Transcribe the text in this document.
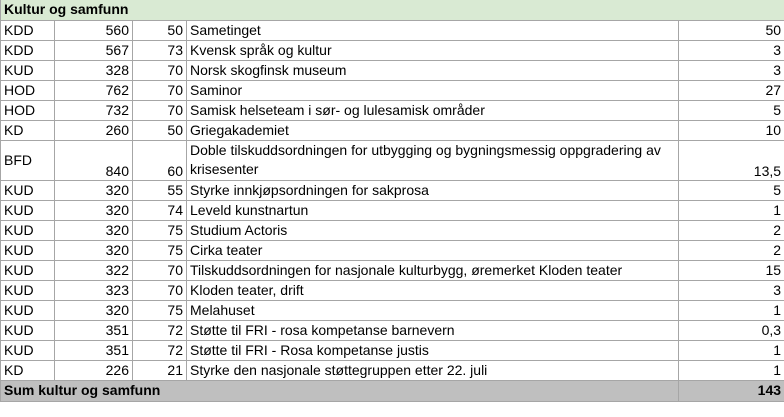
Kultur og samfunn				
KDD	560	50	Sametinget	50
KDD	567	73	Kvensk språk og kultur	3
KUD	328	70	Norsk skogfinsk museum	3
HOD	762	70	Saminor	27
HOD	732	70	Samisk helseteam i sør- og lulesamisk områder	5
KD	260	50	Griegakademiet	10
BFD	840	60	Doble tilskuddsordningen for utbygging og bygningsmessig oppgradering av krisesenter	13,5
KUD	320	55	Styrke innkjøpsordningen for sakprosa	5
KUD	320	74	Leveld kunstnartun	1
KUD	320	75	Studium Actoris	2
KUD	320	75	Cirka teater	2
KUD	322	70	Tilskuddsordningen for nasjonale kulturbygg, øremerket Kloden teater	15
KUD	323	70	Kloden teater, drift	3
KUD	320	75	Melahuset	1
KUD	351	72	Støtte til FRI - rosa kompetanse barnevern	0,3
KUD	351	72	Støtte til FRI - Rosa kompetanse justis	1
KD	226	21	Styrke den nasjonale støttegruppen etter 22. juli	1
Sum kultur og samfunn				143
